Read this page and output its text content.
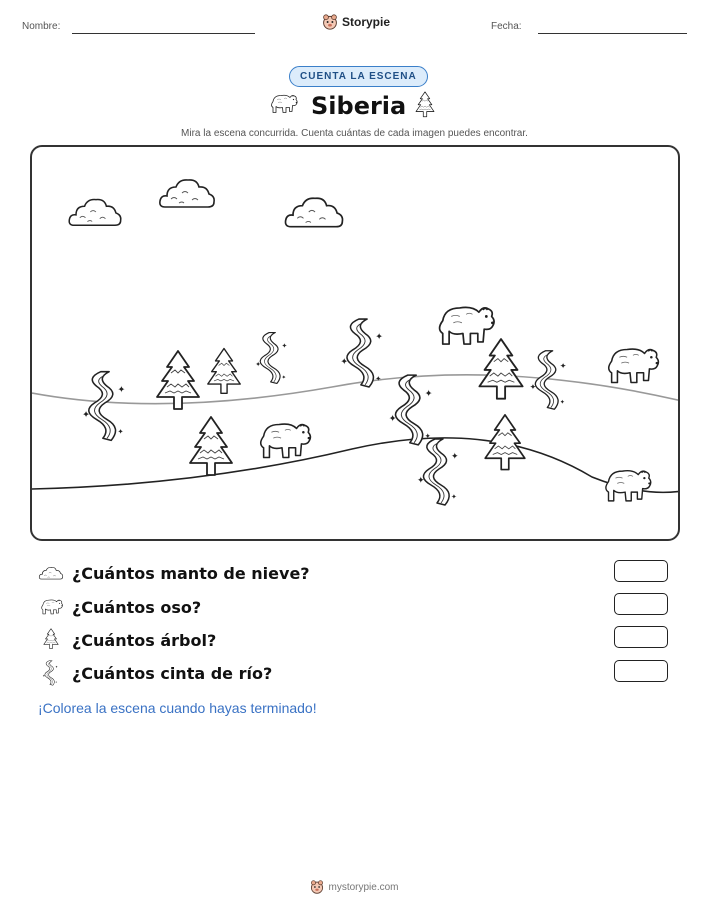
Nombre:	Storypie	Fecha:
CUENTA LA ESCENA
Siberia
Mira la escena concurrida. Cuenta cuántas de cada imagen puedes encontrar.
¿Cuántos manto de nieve?
¿Cuántos oso?
¿Cuántos árbol?
¿Cuántos cinta de río?
¡Colorea la escena cuando hayas terminado!
mystorypie.com
